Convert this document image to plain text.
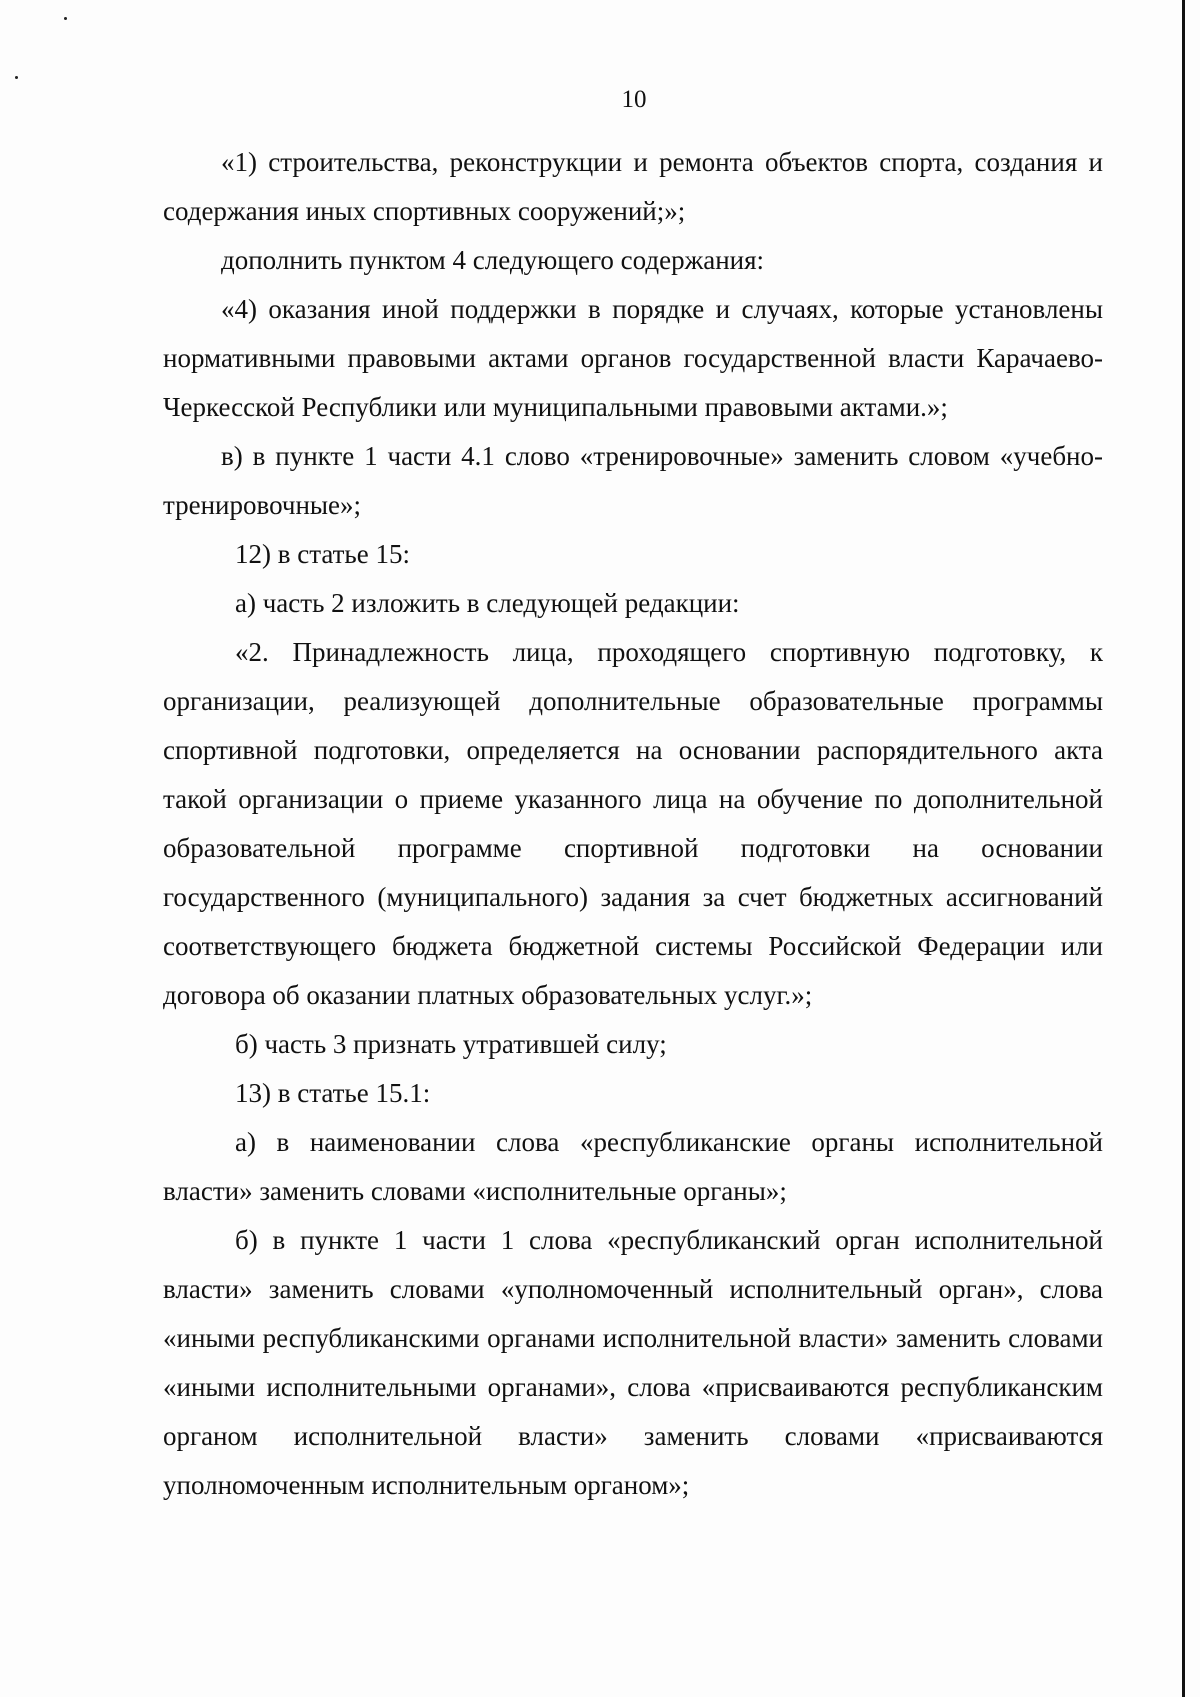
10

«1) строительства, реконструкции и ремонта объектов спорта, создания и содержания иных спортивных сооружений;»;

дополнить пунктом 4 следующего содержания:

«4) оказания иной поддержки в порядке и случаях, которые установлены нормативными правовыми актами органов государственной власти Карачаево-Черкесской Республики или муниципальными правовыми актами.»;

в) в пункте 1 части 4.1 слово «тренировочные» заменить словом «учебно-тренировочные»;

12) в статье 15:

а) часть 2 изложить в следующей редакции:

«2. Принадлежность лица, проходящего спортивную подготовку, к организации, реализующей дополнительные образовательные программы спортивной подготовки, определяется на основании распорядительного акта такой организации о приеме указанного лица на обучение по дополнительной образовательной программе спортивной подготовки на основании государственного (муниципального) задания за счет бюджетных ассигнований соответствующего бюджета бюджетной системы Российской Федерации или договора об оказании платных образовательных услуг.»;

б) часть 3 признать утратившей силу;

13) в статье 15.1:

а) в наименовании слова «республиканские органы исполнительной власти» заменить словами «исполнительные органы»;

б) в пункте 1 части 1 слова «республиканский орган исполнительной власти» заменить словами «уполномоченный исполнительный орган», слова «иными республиканскими органами исполнительной власти» заменить словами «иными исполнительными органами», слова «присваиваются республиканским органом исполнительной власти» заменить словами «присваиваются уполномоченным исполнительным органом»;
